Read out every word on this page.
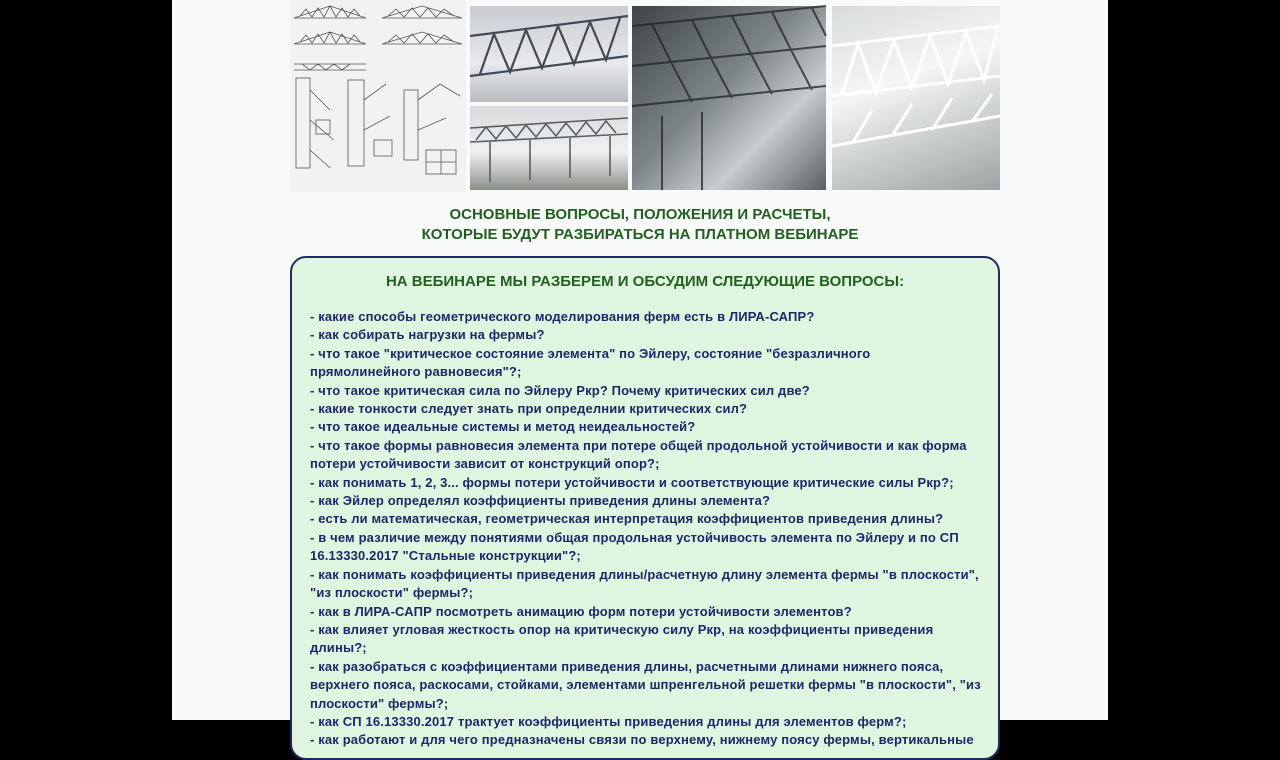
ОСНОВНЫЕ ВОПРОСЫ, ПОЛОЖЕНИЯ И РАСЧЕТЫ,
КОТОРЫЕ БУДУТ РАЗБИРАТЬСЯ НА ПЛАТНОМ ВЕБИНАРЕ
НА ВЕБИНАРЕ МЫ РАЗБЕРЕМ И ОБСУДИМ СЛЕДУЮЩИЕ ВОПРОСЫ:
- какие способы геометрического моделирования ферм есть в ЛИРА-САПР?
- как собирать нагрузки на фермы?
- что такое "критическое состояние элемента" по Эйлеру, состояние "безразличного прямолинейного равновесия"?;
- что такое критическая сила по Эйлеру Ркр? Почему критических сил две?
- какие тонкости следует знать при определнии критических сил?
- что такое идеальные системы и метод неидеальностей?
- что такое формы равновесия элемента при потере общей продольной устойчивости и как форма потери устойчивости зависит от конструкций опор?;
- как понимать 1, 2, 3... формы потери устойчивости и соответствующие критические силы Ркр?;
- как Эйлер определял коэффициенты приведения длины элемента?
- есть ли математическая, геометрическая интерпретация коэффициентов приведения длины?
- в чем различие между понятиями общая продольная устойчивость элемента по Эйлеру и по СП 16.13330.2017 "Стальные конструкции"?;
- как понимать коэффициенты приведения длины/расчетную длину элемента фермы "в плоскости", "из плоскости" фермы?;
- как в ЛИРА-САПР посмотреть анимацию форм потери устойчивости элементов?
- как влияет угловая жесткость опор на критическую силу Ркр, на коэффициенты приведения длины?;
- как разобраться с коэффициентами приведения длины, расчетными длинами нижнего пояса, верхнего пояса, раскосами, стойками, элементами шпренгельной решетки фермы "в плоскости", "из плоскости" фермы?;
- как СП 16.13330.2017 трактует коэффициенты приведения длины для элементов ферм?;
- как работают и для чего предназначены связи по верхнему, нижнему поясу фермы, вертикальные
